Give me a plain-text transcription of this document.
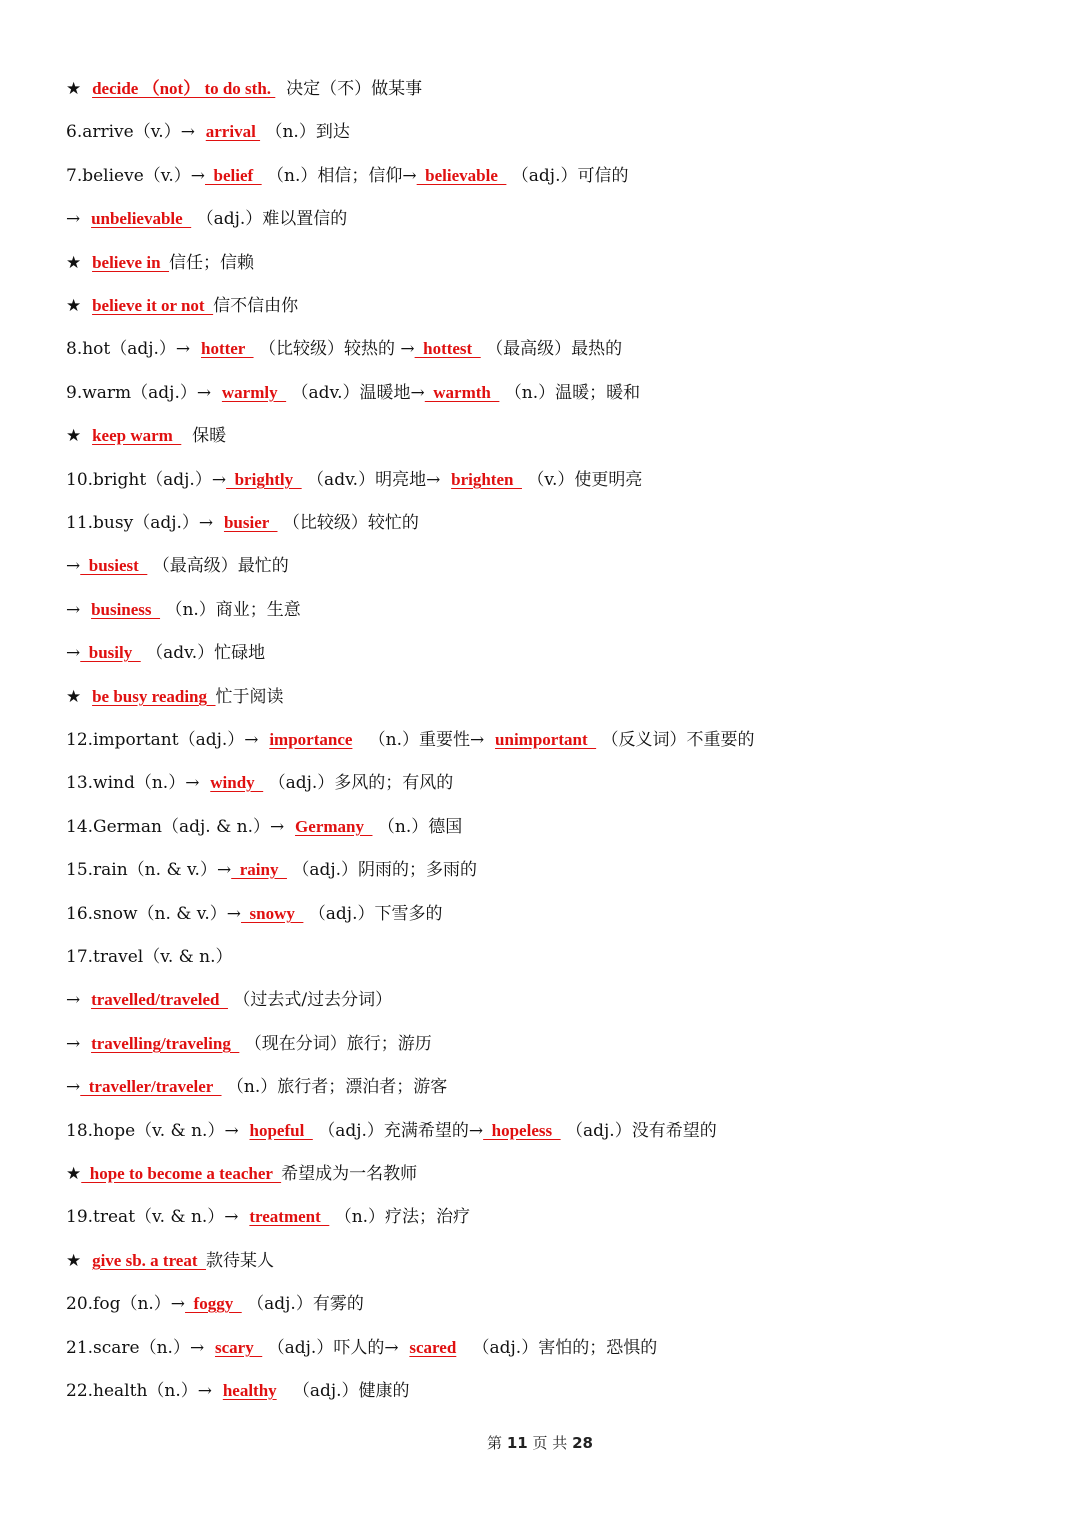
★  decide （not） to do sth.   决定（不）做某事
6.arrive（v.）→  arrival  （n.）到达
7.believe（v.）→  belief   （n.）相信；信仰→  believable   （adj.）可信的
→  unbelievable   （adj.）难以置信的
★  believe in  信任；信赖
★  believe it or not  信不信由你
8.hot（adj.）→  hotter   （比较级）较热的 →  hottest   （最高级）最热的
9.warm（adj.）→  warmly   （adv.）温暖地→  warmth   （n.）温暖；暖和
★  keep warm    保暖
10.bright（adj.）→  brightly   （adv.）明亮地→  brighten   （v.）使更明亮
11.busy（adj.）→  busier   （比较级）较忙的
→  busiest   （最高级）最忙的
→  business   （n.）商业；生意
→  busily   （adv.）忙碌地
★  be busy reading  忙于阅读
12.important（adj.）→  importance   （n.）重要性→  unimportant   （反义词）不重要的
13.wind（n.）→  windy   （adj.）多风的；有风的
14.German（adj. & n.）→  Germany   （n.）德国
15.rain（n. & v.）→  rainy   （adj.）阴雨的；多雨的
16.snow（n. & v.）→  snowy   （adj.）下雪多的
17.travel（v. & n.）
→  travelled/traveled   （过去式/过去分词）
→  travelling/traveling   （现在分词）旅行；游历
→  traveller/traveler   （n.）旅行者；漂泊者；游客
18.hope（v. & n.）→  hopeful   （adj.）充满希望的→  hopeless   （adj.）没有希望的
★  hope to become a teacher  希望成为一名教师
19.treat（v. & n.）→  treatment   （n.）疗法；治疗
★  give sb. a treat  款待某人
20.fog（n.）→  foggy   （adj.）有雾的
21.scare（n.）→  scary   （adj.）吓人的→  scared   （adj.）害怕的；恐惧的
22.health（n.）→  healthy   （adj.）健康的
第 11 页 共 28
